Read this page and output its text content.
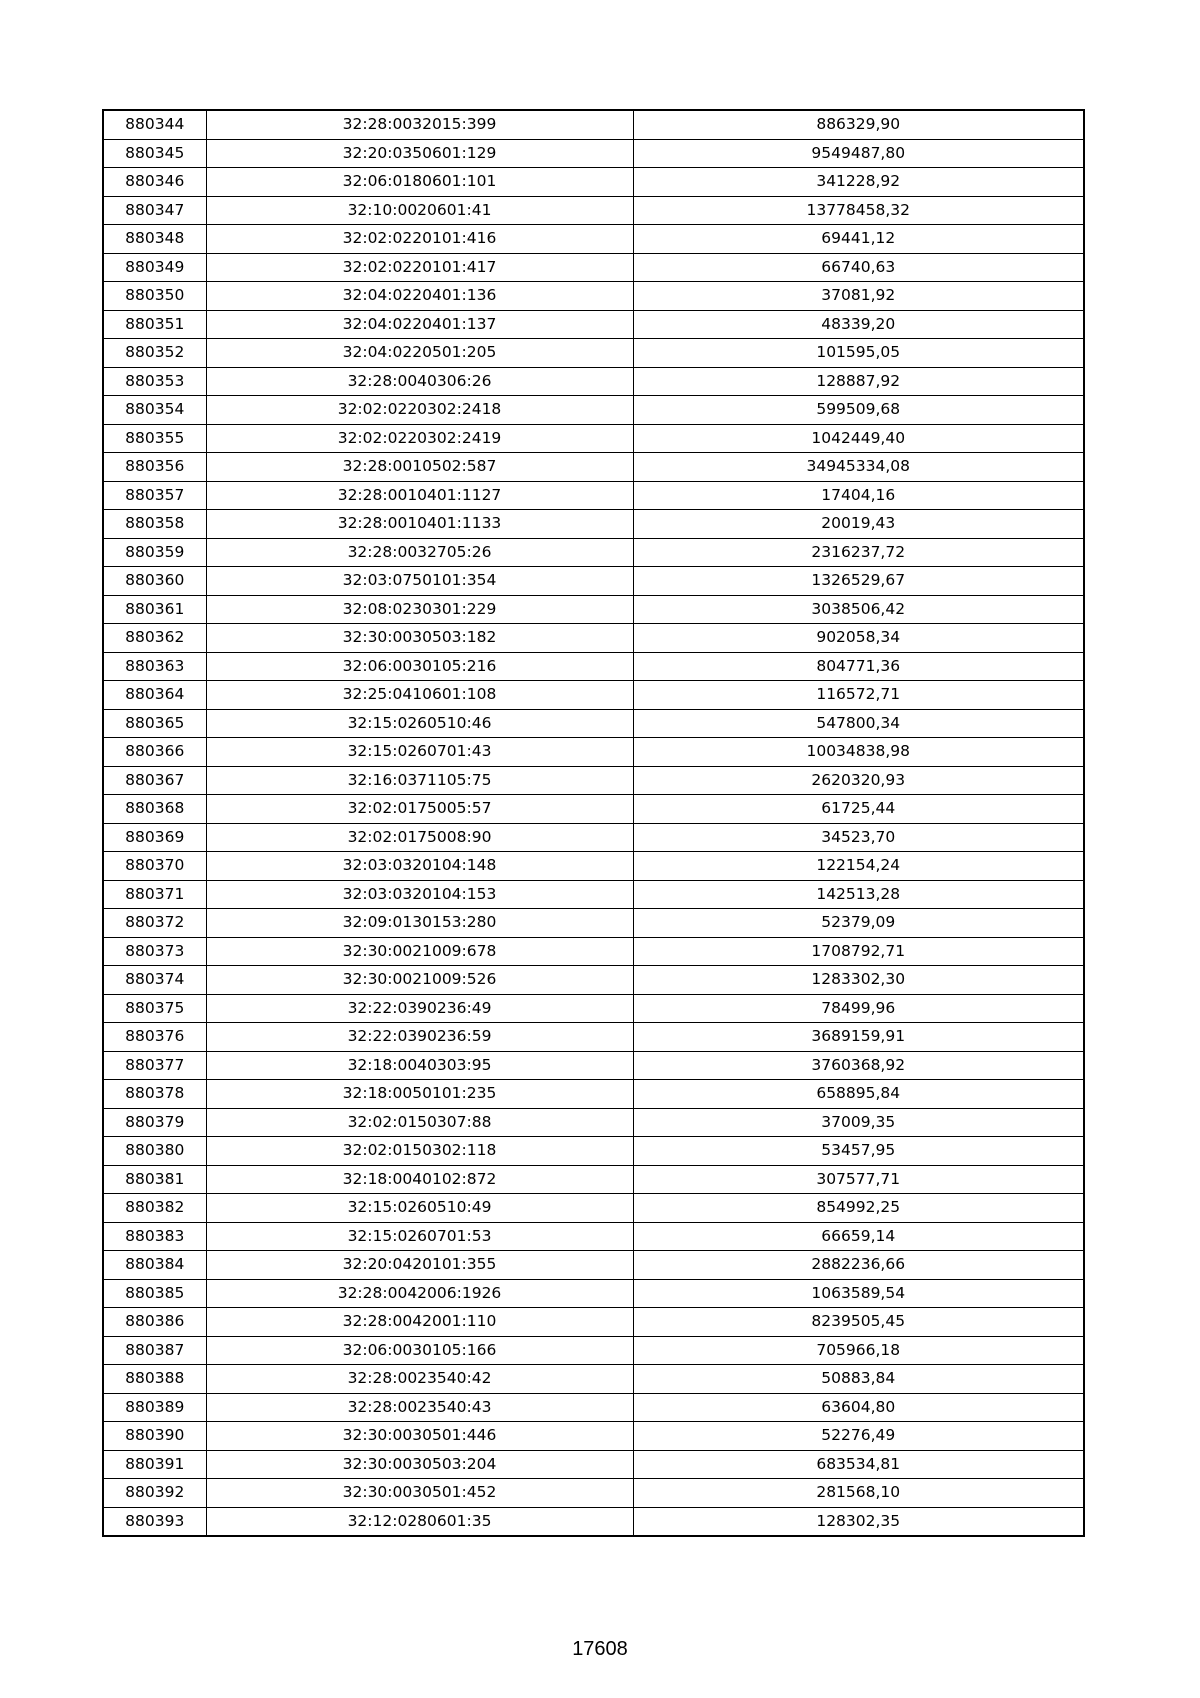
880344	32:28:0032015:399	886329,90
880345	32:20:0350601:129	9549487,80
880346	32:06:0180601:101	341228,92
880347	32:10:0020601:41	13778458,32
880348	32:02:0220101:416	69441,12
880349	32:02:0220101:417	66740,63
880350	32:04:0220401:136	37081,92
880351	32:04:0220401:137	48339,20
880352	32:04:0220501:205	101595,05
880353	32:28:0040306:26	128887,92
880354	32:02:0220302:2418	599509,68
880355	32:02:0220302:2419	1042449,40
880356	32:28:0010502:587	34945334,08
880357	32:28:0010401:1127	17404,16
880358	32:28:0010401:1133	20019,43
880359	32:28:0032705:26	2316237,72
880360	32:03:0750101:354	1326529,67
880361	32:08:0230301:229	3038506,42
880362	32:30:0030503:182	902058,34
880363	32:06:0030105:216	804771,36
880364	32:25:0410601:108	116572,71
880365	32:15:0260510:46	547800,34
880366	32:15:0260701:43	10034838,98
880367	32:16:0371105:75	2620320,93
880368	32:02:0175005:57	61725,44
880369	32:02:0175008:90	34523,70
880370	32:03:0320104:148	122154,24
880371	32:03:0320104:153	142513,28
880372	32:09:0130153:280	52379,09
880373	32:30:0021009:678	1708792,71
880374	32:30:0021009:526	1283302,30
880375	32:22:0390236:49	78499,96
880376	32:22:0390236:59	3689159,91
880377	32:18:0040303:95	3760368,92
880378	32:18:0050101:235	658895,84
880379	32:02:0150307:88	37009,35
880380	32:02:0150302:118	53457,95
880381	32:18:0040102:872	307577,71
880382	32:15:0260510:49	854992,25
880383	32:15:0260701:53	66659,14
880384	32:20:0420101:355	2882236,66
880385	32:28:0042006:1926	1063589,54
880386	32:28:0042001:110	8239505,45
880387	32:06:0030105:166	705966,18
880388	32:28:0023540:42	50883,84
880389	32:28:0023540:43	63604,80
880390	32:30:0030501:446	52276,49
880391	32:30:0030503:204	683534,81
880392	32:30:0030501:452	281568,10
880393	32:12:0280601:35	128302,35
17608
